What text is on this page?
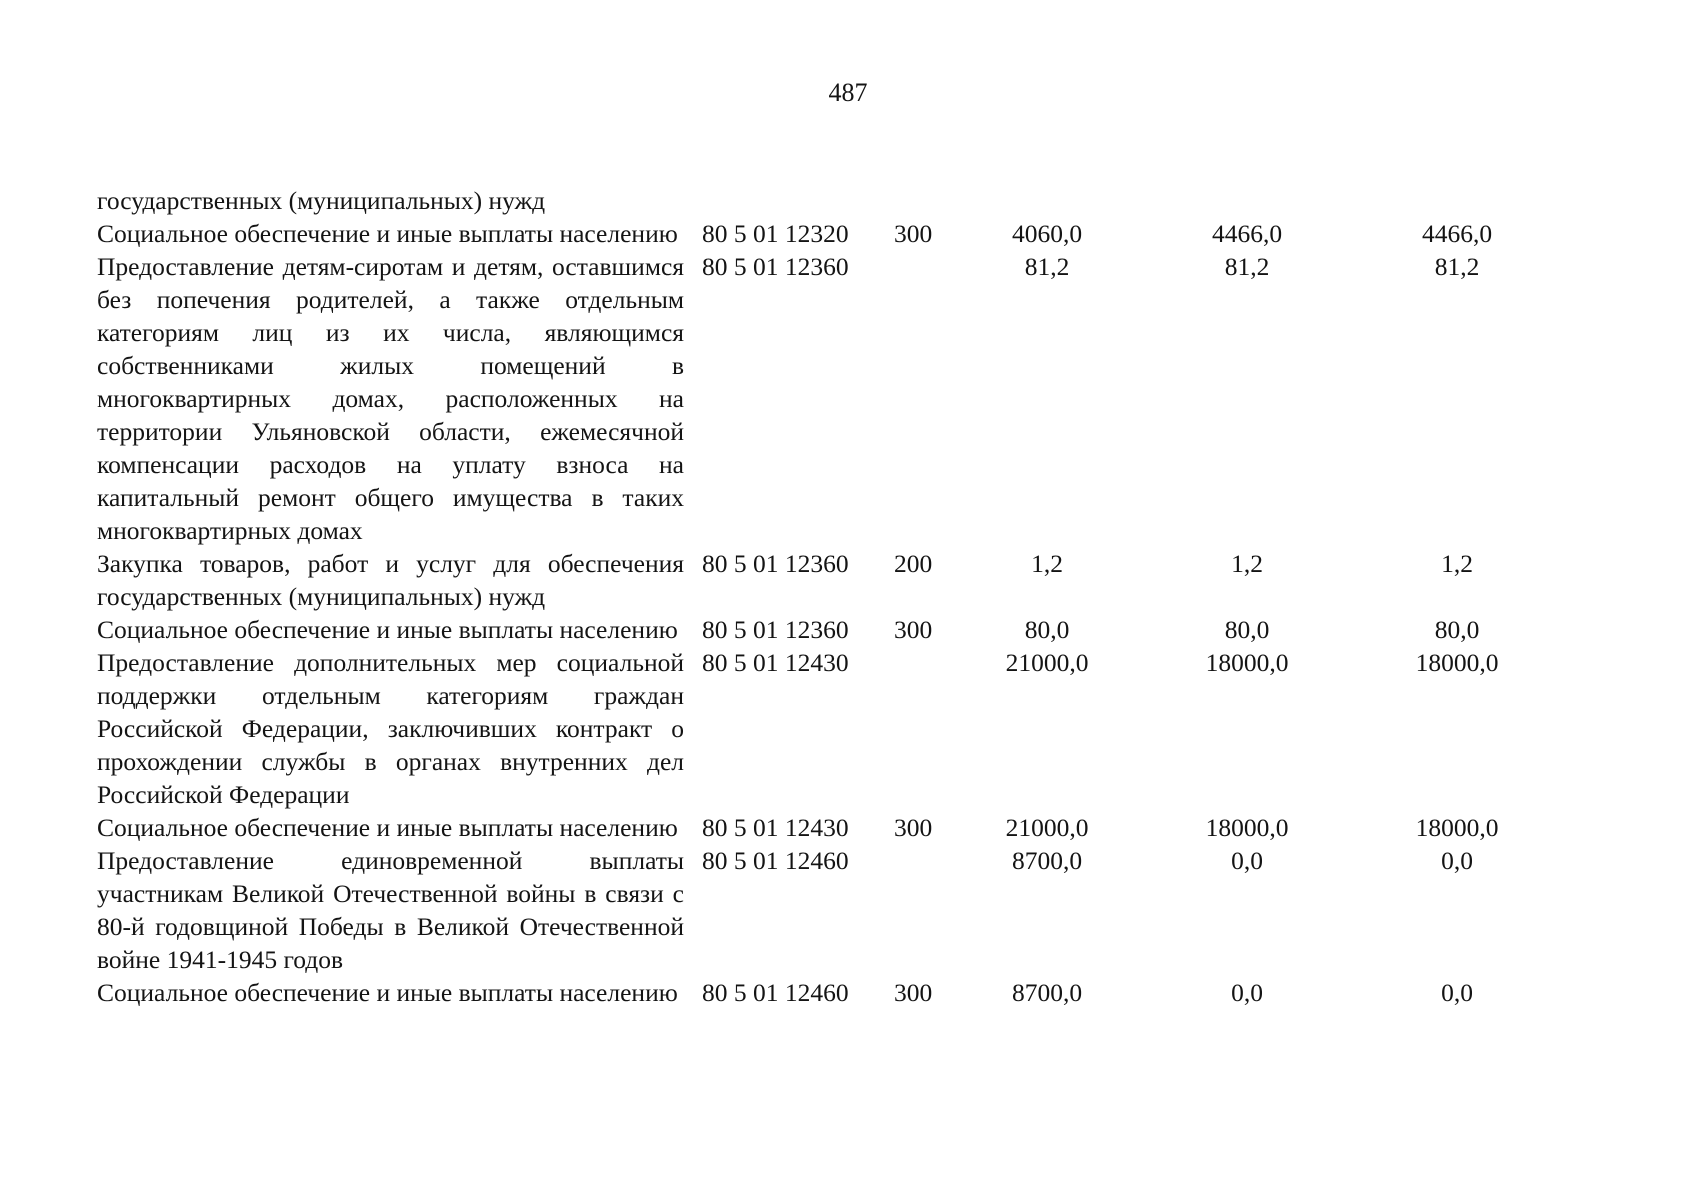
487
государственных (муниципальных) нужд					
Социальное обеспечение и иные выплаты населению	80 5 01 12320	300	4060,0	4466,0	4466,0
Предоставление детям-сиротам и детям, оставшимся без попечения родителей, а также отдельным категориям лиц из их числа, являющимся собственниками жилых помещений в многоквартирных домах, расположенных на территории Ульяновской области, ежемесячной компенсации расходов на уплату взноса на капитальный ремонт общего имущества в таких многоквартирных домах	80 5 01 12360		81,2	81,2	81,2
Закупка товаров, работ и услуг для обеспечения государственных (муниципальных) нужд	80 5 01 12360	200	1,2	1,2	1,2
Социальное обеспечение и иные выплаты населению	80 5 01 12360	300	80,0	80,0	80,0
Предоставление дополнительных мер социальной поддержки отдельным категориям граждан Российской Федерации, заключивших контракт о прохождении службы в органах внутренних дел Российской Федерации	80 5 01 12430		21000,0	18000,0	18000,0
Социальное обеспечение и иные выплаты населению	80 5 01 12430	300	21000,0	18000,0	18000,0
Предоставление единовременной выплаты участникам Великой Отечественной войны в связи с 80-й годовщиной Победы в Великой Отечественной войне 1941-1945 годов	80 5 01 12460		8700,0	0,0	0,0
Социальное обеспечение и иные выплаты населению	80 5 01 12460	300	8700,0	0,0	0,0
